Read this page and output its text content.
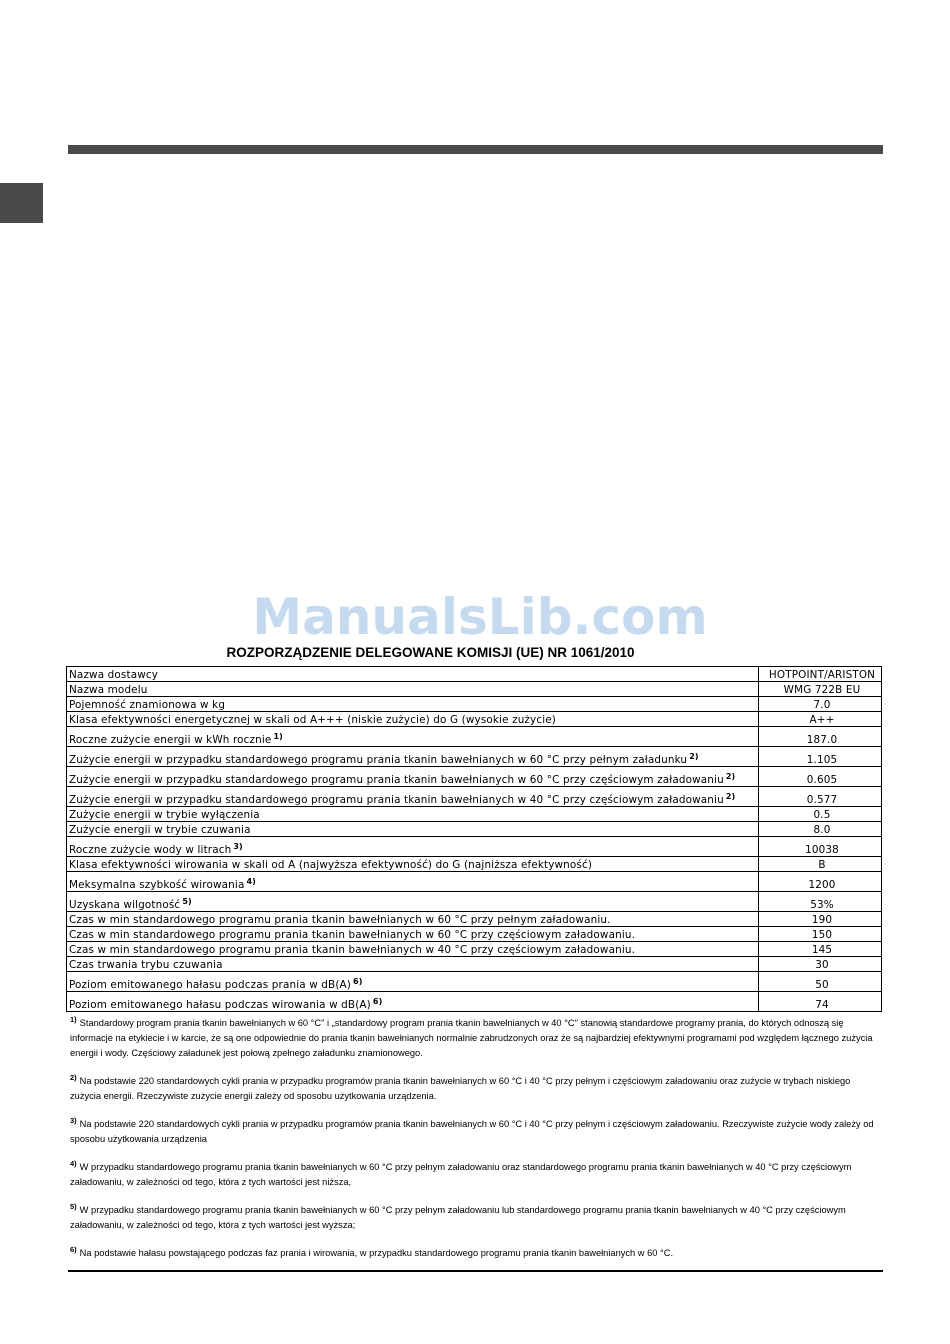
ManualsLib.com
ROZPORZĄDZENIE DELEGOWANE KOMISJI (UE) NR 1061/2010
Nazwa dostawcy	HOTPOINT/ARISTON
Nazwa modelu	WMG 722B EU
Pojemność znamionowa w kg	7.0
Klasa efektywności energetycznej w skali od A+++ (niskie zużycie) do G (wysokie zużycie)	A++
Roczne zużycie energii w kWh rocznie $^{1)}$	187.0
Zużycie energii w przypadku standardowego programu prania tkanin bawełnianych w 60 °C przy pełnym załadunku $^{2)}$	1.105
Zużycie energii w przypadku standardowego programu prania tkanin bawełnianych w 60 °C przy częściowym załadowaniu $^{2)}$	0.605
Zużycie energii w przypadku standardowego programu prania tkanin bawełnianych w 40 °C przy częściowym załadowaniu $^{2)}$	0.577
Zużycie energii w trybie wyłączenia	0.5
Zużycie energii w trybie czuwania	8.0
Roczne zużycie wody w litrach $^{3)}$	10038
Klasa efektywności wirowania w skali od A (najwyższa efektywność) do G (najniższa efektywność)	B
Meksymalna szybkość wirowania $^{4)}$	1200
Uzyskana wilgotność $^{5)}$	53%
Czas w min standardowego programu prania tkanin bawełnianych w 60 °C przy pełnym załadowaniu.	190
Czas w min standardowego programu prania tkanin bawełnianych w 60 °C przy częściowym załadowaniu.	150
Czas w min standardowego programu prania tkanin bawełnianych w 40 °C przy częściowym załadowaniu.	145
Czas trwania trybu czuwania	30
Poziom emitowanego hałasu podczas prania w dB(A) $^{6)}$	50
Poziom emitowanego hałasu podczas wirowania w dB(A) $^{6)}$	74

$^{1)}$ Standardowy program prania tkanin bawełnianych w 60 °C" i „standardowy program prania tkanin bawełnianych w 40 °C" stanowią standardowe programy prania, do których odnoszą się informacje na etykiecie i w karcie, że są one odpowiednie do prania tkanin bawełnianych normalnie zabrudzonych oraz że są najbardziej efektywnymi programami pod względem łącznego zużycia energii i wody. Częściowy załadunek jest połową zpełnego załadunku znamionowego.

$^{2)}$ Na podstawie 220 standardowych cykli prania w przypadku programów prania tkanin bawełnianych w 60 °C i 40 °C przy pełnym i częściowym załadowaniu oraz zużycie w trybach niskiego zużycia energii. Rzeczywiste zużycie energii zależy od sposobu użytkowania urządzenia.

$^{3)}$ Na podstawie 220 standardowych cykli prania w przypadku programów prania tkanin bawełnianych w 60 °C i 40 °C przy pełnym i częściowym załadowaniu. Rzeczywiste zużycie wody zależy od sposobu użytkowania urządzenia

$^{4)}$ W przypadku standardowego programu prania tkanin bawełnianych w 60 °C przy pełnym załadowaniu oraz standardowego programu prania tkanin bawełnianych w 40 °C przy częściowym załadowaniu, w zależności od tego, która z tych wartości jest niższa,

$^{5)}$ W przypadku standardowego programu prania tkanin bawełnianych w 60 °C przy pełnym załadowaniu lub standardowego programu prania tkanin bawełnianych w 40 °C przy częściowym załadowaniu, w zależności od tego, która z tych wartości jest wyższa;

$^{6)}$ Na podstawie hałasu powstającego podczas faz prania i wirowania, w przypadku standardowego programu prania tkanin bawełnianych w 60 °C.
